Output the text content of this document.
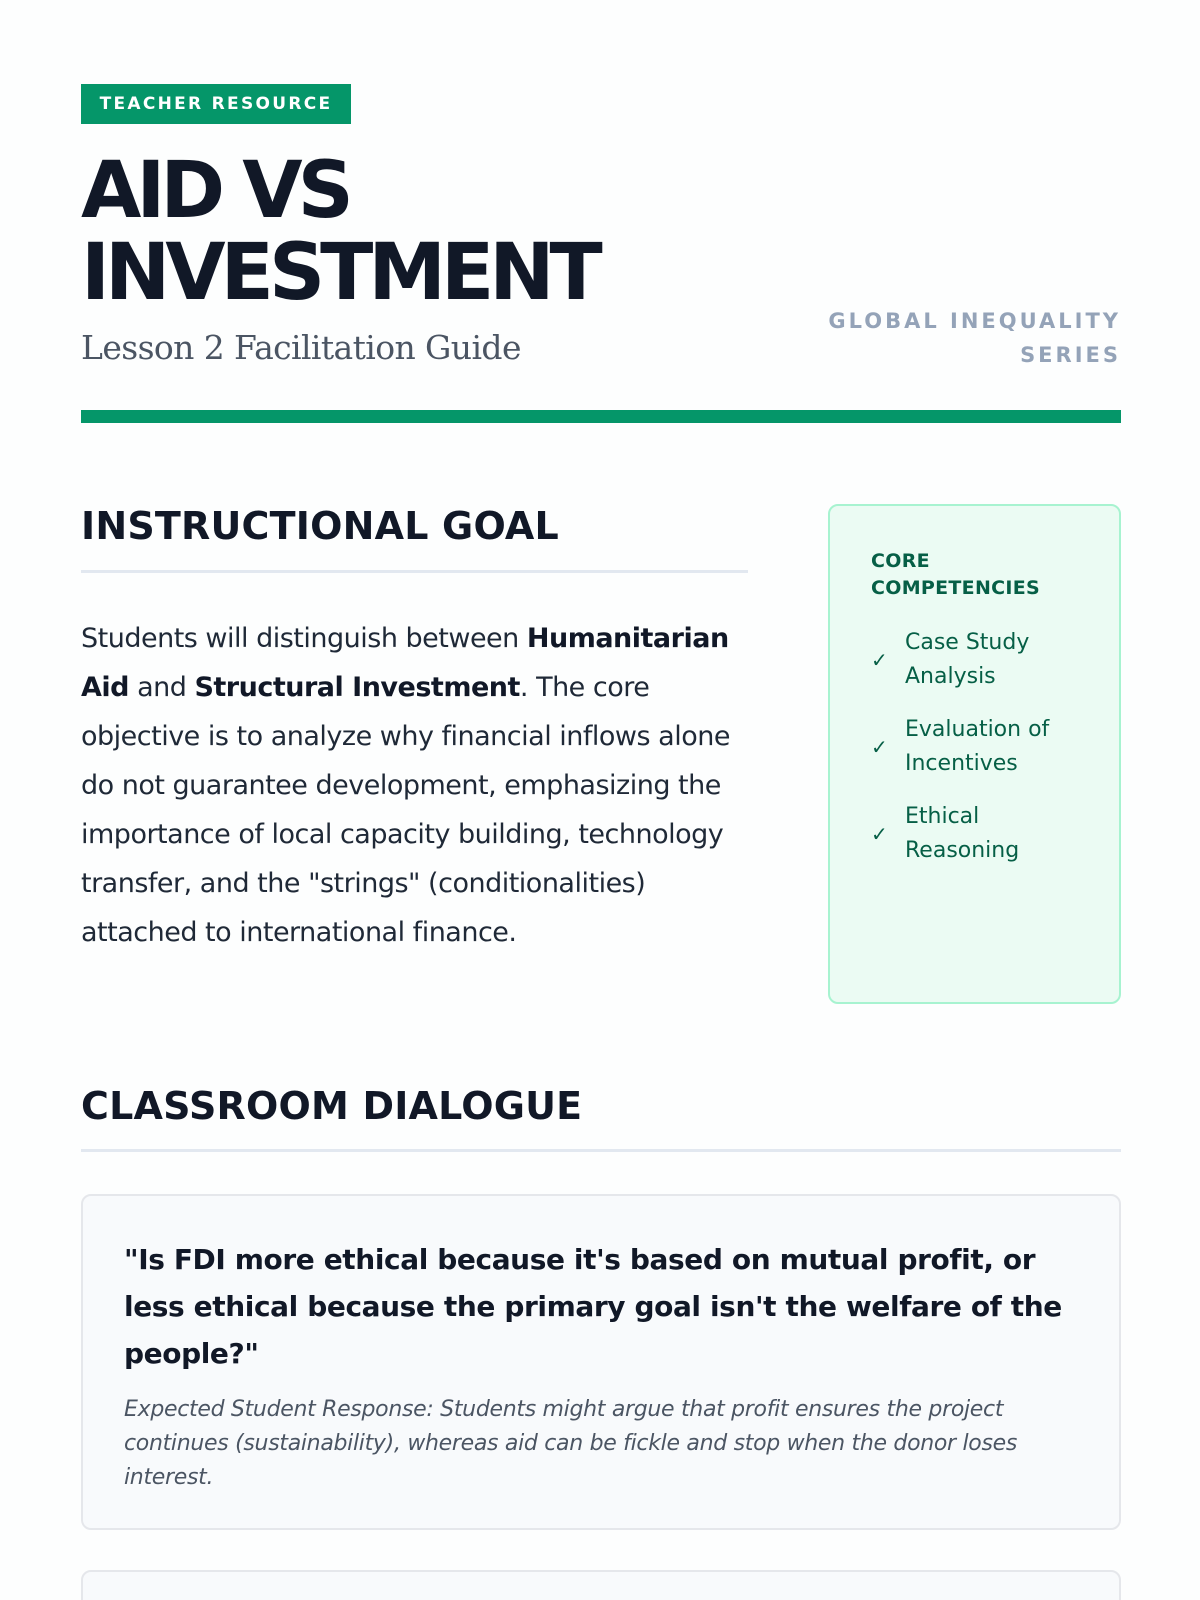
TEACHER RESOURCE
AID VS
INVESTMENT
Lesson 2 Facilitation Guide
GLOBAL INEQUALITY SERIES
INSTRUCTIONAL GOAL

Students will distinguish between Humanitarian Aid and Structural Investment. The core objective is to analyze why financial inflows alone do not guarantee development, emphasizing the importance of local capacity building, technology transfer, and the "strings" (conditionalities) attached to international finance.

CORE COMPETENCIES
✓
Case Study Analysis
✓
Evaluation of Incentives
✓
Ethical Reasoning
CLASSROOM DIALOGUE
"Is FDI more ethical because it's based on mutual profit, or less ethical because the primary goal isn't the welfare of the people?"
Expected Student Response: Students might argue that profit ensures the project continues (sustainability), whereas aid can be fickle and stop when the donor loses interest.
